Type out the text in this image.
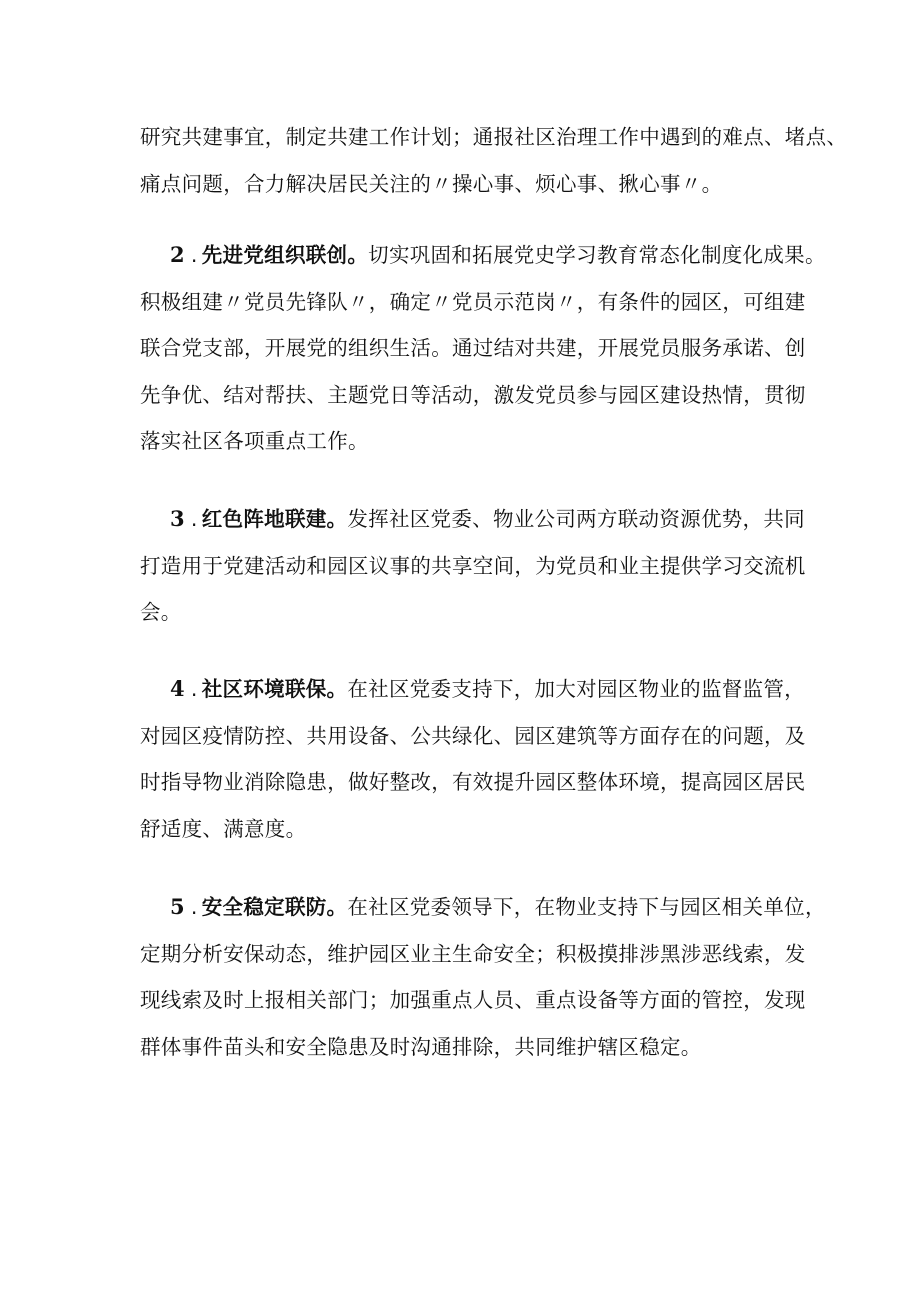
研究共建事宜，制定共建工作计划；通报社区治理工作中遇到的难点、堵点、
痛点问题，合力解决居民关注的〃操心事、烦心事、揪心事〃。
2 . 先进党组织联创。切实巩固和拓展党史学习教育常态化制度化成果。
积极组建〃党员先锋队〃，确定〃党员示范岗〃，有条件的园区，可组建
联合党支部，开展党的组织生活。通过结对共建，开展党员服务承诺、创
先争优、结对帮扶、主题党日等活动，激发党员参与园区建设热情，贯彻
落实社区各项重点工作。
3 . 红色阵地联建。发挥社区党委、物业公司两方联动资源优势，共同
打造用于党建活动和园区议事的共享空间，为党员和业主提供学习交流机
会。
4 . 社区环境联保。在社区党委支持下，加大对园区物业的监督监管，
对园区疫情防控、共用设备、公共绿化、园区建筑等方面存在的问题，及
时指导物业消除隐患，做好整改，有效提升园区整体环境，提高园区居民
舒适度、满意度。
5 . 安全稳定联防。在社区党委领导下，在物业支持下与园区相关单位，
定期分析安保动态，维护园区业主生命安全；积极摸排涉黑涉恶线索，发
现线索及时上报相关部门；加强重点人员、重点设备等方面的管控，发现
群体事件苗头和安全隐患及时沟通排除，共同维护辖区稳定。
